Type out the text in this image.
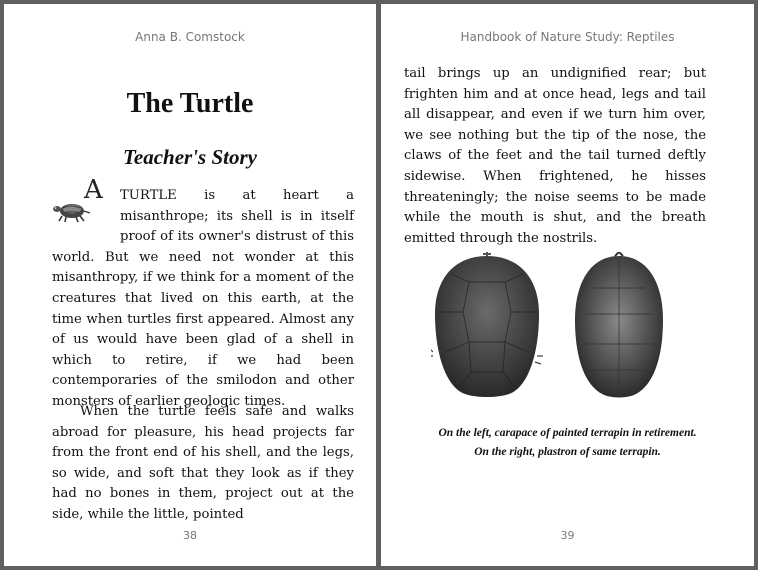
Anna B. Comstock
The Turtle
Teacher's Story

A TURTLE is at heart a misanthrope; its shell is in itself proof of its owner's distrust of this world. But we need not wonder at this misanthropy, if we think for a moment of the creatures that lived on this earth, at the time when turtles first appeared. Almost any of us would have been glad of a shell in which to retire, if we had been contemporaries of the smilodon and other monsters of earlier geologic times.

When the turtle feels safe and walks abroad for pleasure, his head projects far from the front end of his shell, and the legs, so wide, and soft that they look as if they had no bones in them, project out at the side, while the little, pointed

38
Handbook of Nature Study: Reptiles

tail brings up an undignified rear; but frighten him and at once head, legs and tail all disappear, and even if we turn him over, we see nothing but the tip of the nose, the claws of the feet and the tail turned deftly sidewise. When frightened, he hisses threateningly; the noise seems to be made while the mouth is shut, and the breath emitted through the nostrils.

On the left, carapace of painted terrapin in retirement.
On the right, plastron of same terrapin.
39
